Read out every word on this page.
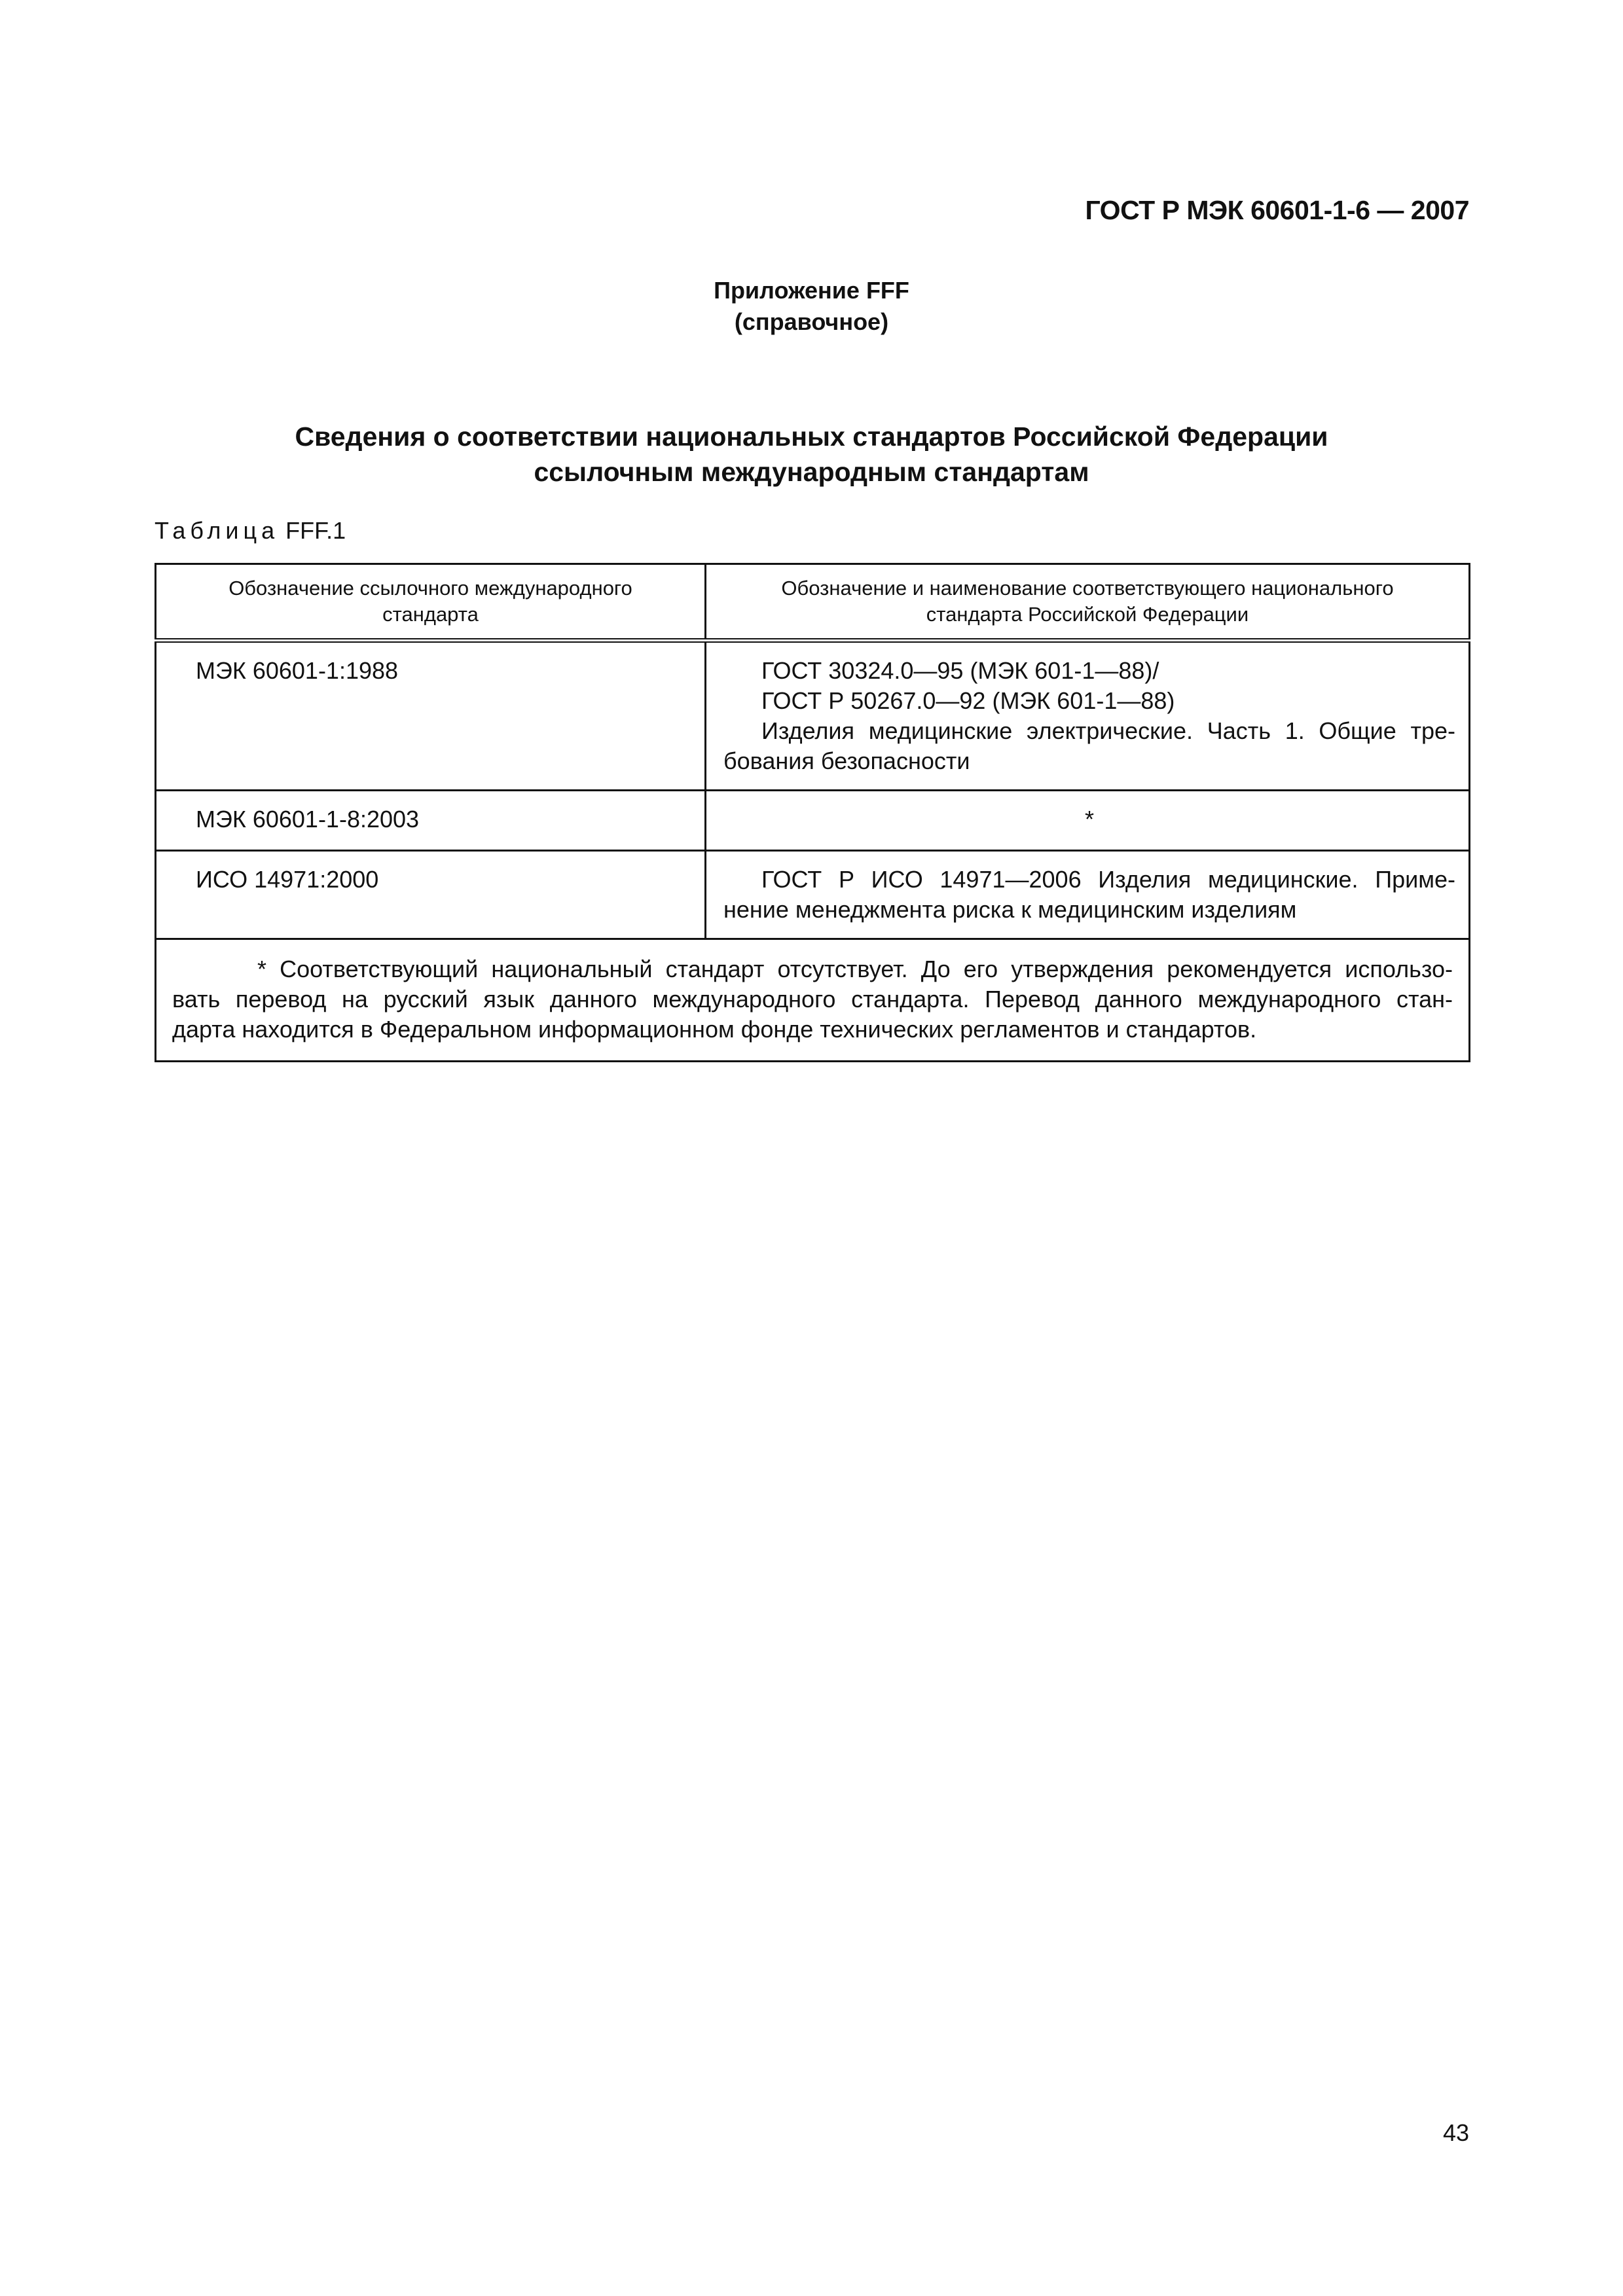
ГОСТ Р МЭК 60601-1-6 — 2007
Приложение FFF
(справочное)
Сведения о соответствии национальных стандартов Российской Федерации
ссылочным международным стандартам
Таблица FFF.1
Обозначение ссылочного международного стандарта	Обозначение и наименование соответствующего национального стандарта Российской Федерации
МЭК 60601-1:1988	ГОСТ 30324.0—95 (МЭК 601-1—88)/
ГОСТ Р 50267.0—92 (МЭК 601-1—88)
Изделия медицинские электрические. Часть 1. Общие тре-
бования безопасности

МЭК 60601-1-8:2003	*

ИСО 14971:2000	ГОСТ Р ИСО 14971—2006 Изделия медицинские. Приме-
нение менеджмента риска к медицинским изделиям

* Соответствующий национальный стандарт отсутствует. До его утверждения рекомендуется использо-
вать перевод на русский язык данного международного стандарта. Перевод данного международного стан-
дарта находится в Федеральном информационном фонде технических регламентов и стандартов.	
43
